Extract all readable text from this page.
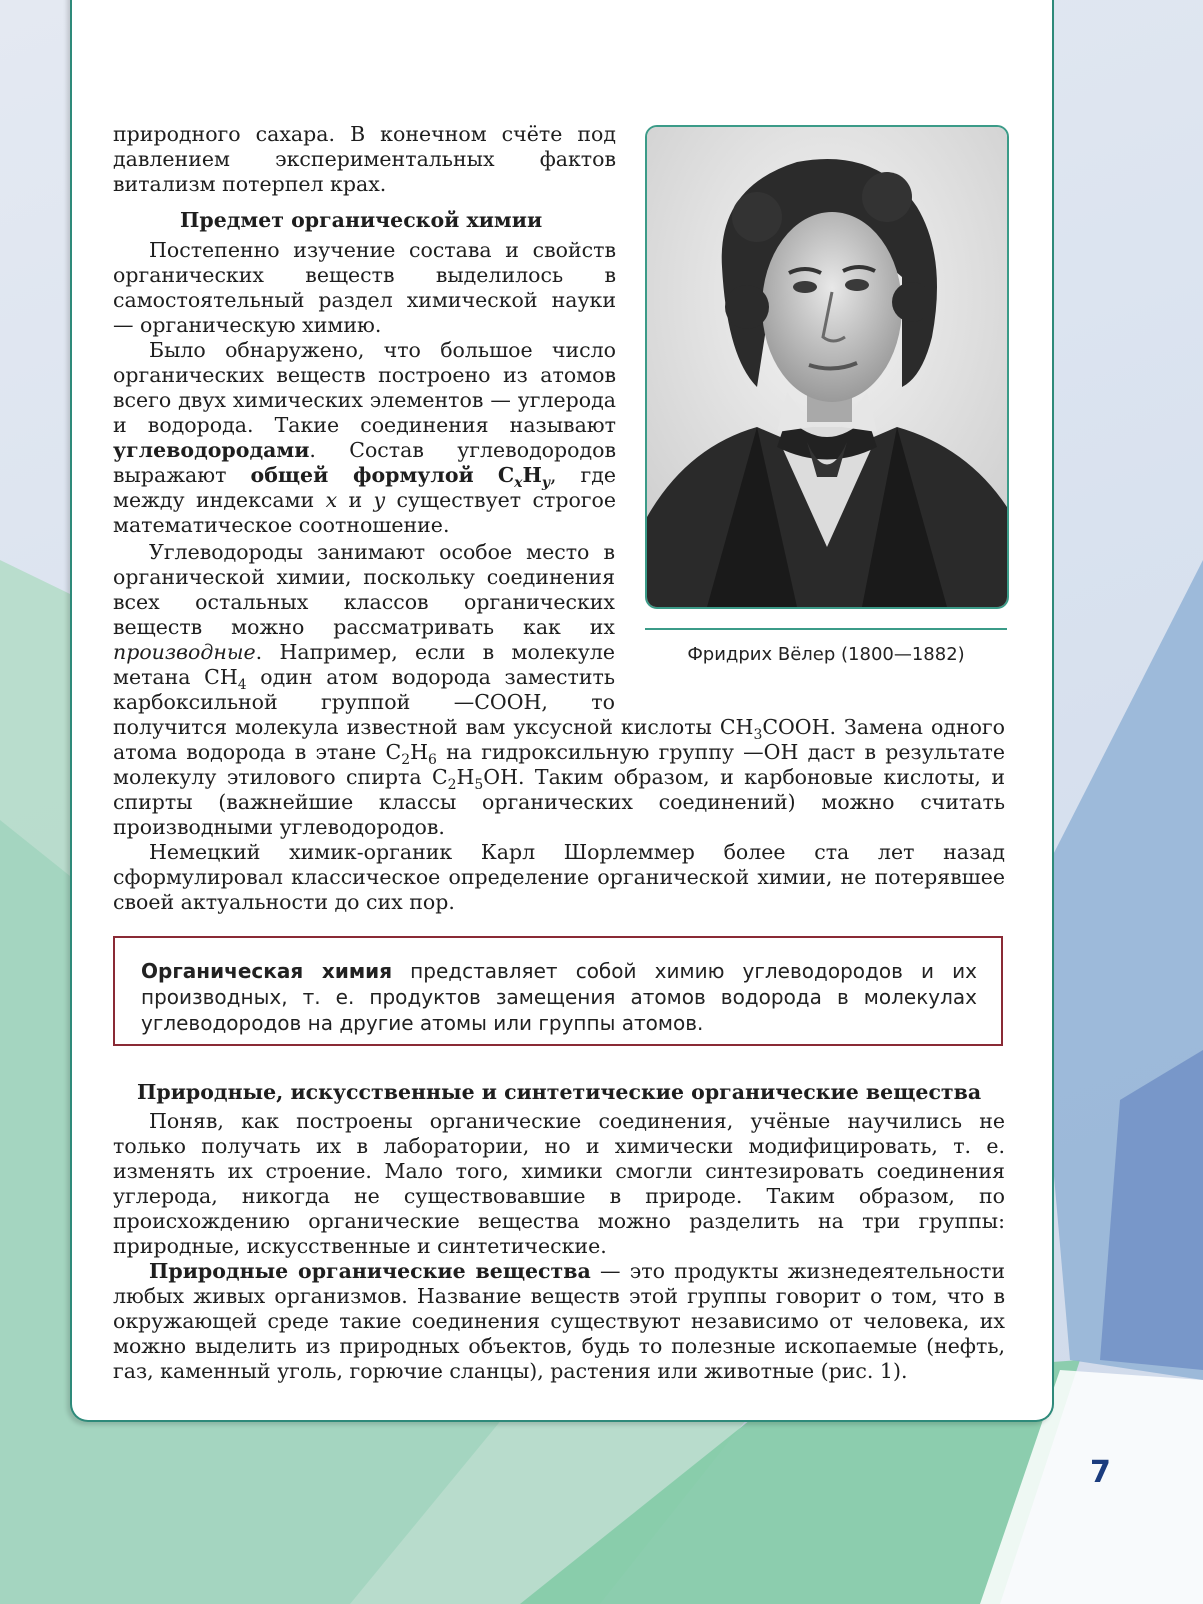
природного сахара. В конечном счёте под давлением экспериментальных фактов витализм потерпел крах.

Предмет органической химии

Постепенно изучение состава и свойств органических веществ выделилось в самостоятельный раздел химической науки — органическую химию.

Было обнаружено, что большое число органических веществ построено из атомов всего двух химических элементов — углерода и водорода. Такие соединения называют углеводородами. Состав углеводородов выражают общей формулой $C_xH_y$, где между индексами x и y существует строгое математическое соотношение.

Углеводороды занимают особое место в органической химии, поскольку соединения всех остальных классов органических веществ можно рассматривать как их производные. Например, если в молекуле метана $CH_4$ один атом водорода заместить карбоксильной группой —COOH, то получится молекула известной вам уксусной кислоты $CH_3COOH$. Замена одного атома водорода в этане $C_2H_6$ на гидроксильную группу —OH даст в результате молекулу этилового спирта $C_2H_5OH$. Таким образом, и карбоновые кислоты, и спирты (важнейшие классы органических соединений) можно считать производными углеводородов.

Немецкий химик-органик Карл Шорлеммер более ста лет назад сформулировал классическое определение органической химии, не потерявшее своей актуальности до сих пор.

Фридрих Вёлер (1800—1882)
Органическая химия представляет собой химию углеводородов и их производных, т. е. продуктов замещения атомов водорода в молекулах углеводородов на другие атомы или группы атомов.
Природные, искусственные и синтетические органические вещества

Поняв, как построены органические соединения, учёные научились не только получать их в лаборатории, но и химически модифицировать, т. е. изменять их строение. Мало того, химики смогли синтезировать соединения углерода, никогда не существовавшие в природе. Таким образом, по происхождению органические вещества можно разделить на три группы: природные, искусственные и синтетические.

Природные органические вещества — это продукты жизнедеятельности любых живых организмов. Название веществ этой группы говорит о том, что в окружающей среде такие соединения существуют независимо от человека, их можно выделить из природных объектов, будь то полезные ископаемые (нефть, газ, каменный уголь, горючие сланцы), растения или животные (рис. 1).

7
